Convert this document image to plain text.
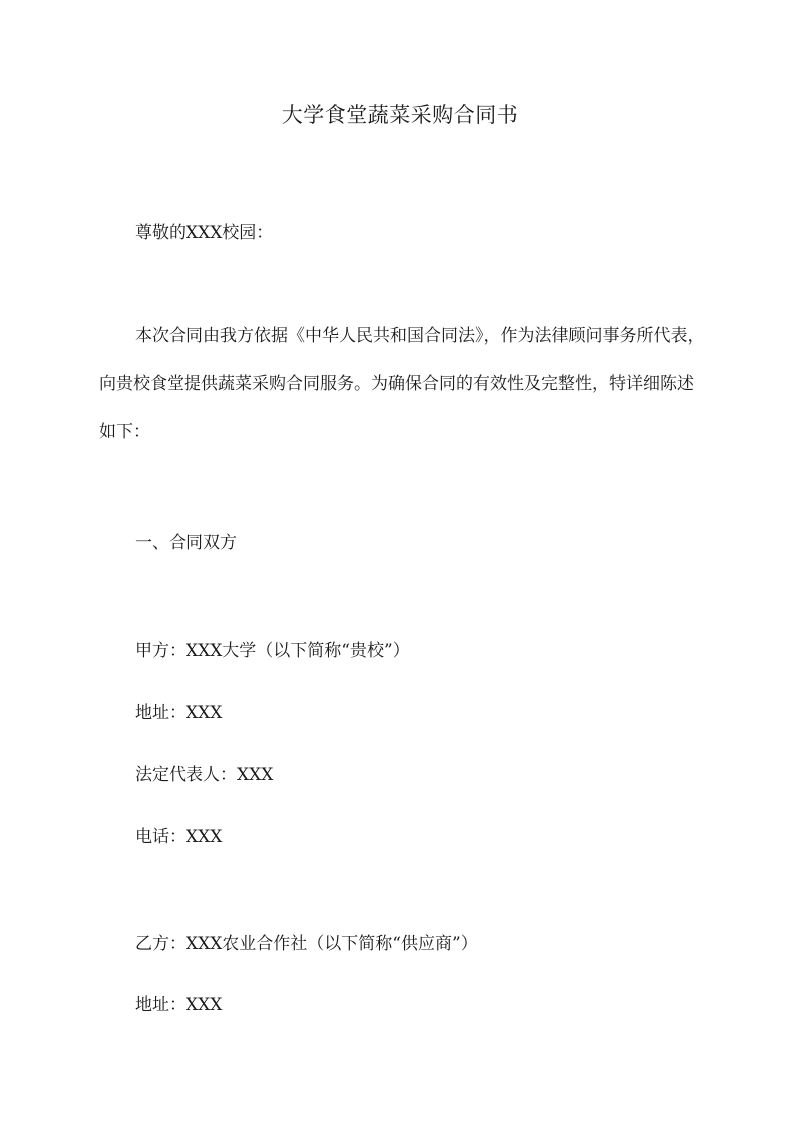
大学食堂蔬菜采购合同书

尊敬的XXX校园：

本次合同由我方依据《中华人民共和国合同法》，作为法律顾问事务所代表，向贵校食堂提供蔬菜采购合同服务。为确保合同的有效性及完整性，特详细陈述如下：

一、合同双方

甲方：XXX大学（以下简称“贵校”）

地址：XXX

法定代表人：XXX

电话：XXX

乙方：XXX农业合作社（以下简称“供应商”）

地址：XXX
